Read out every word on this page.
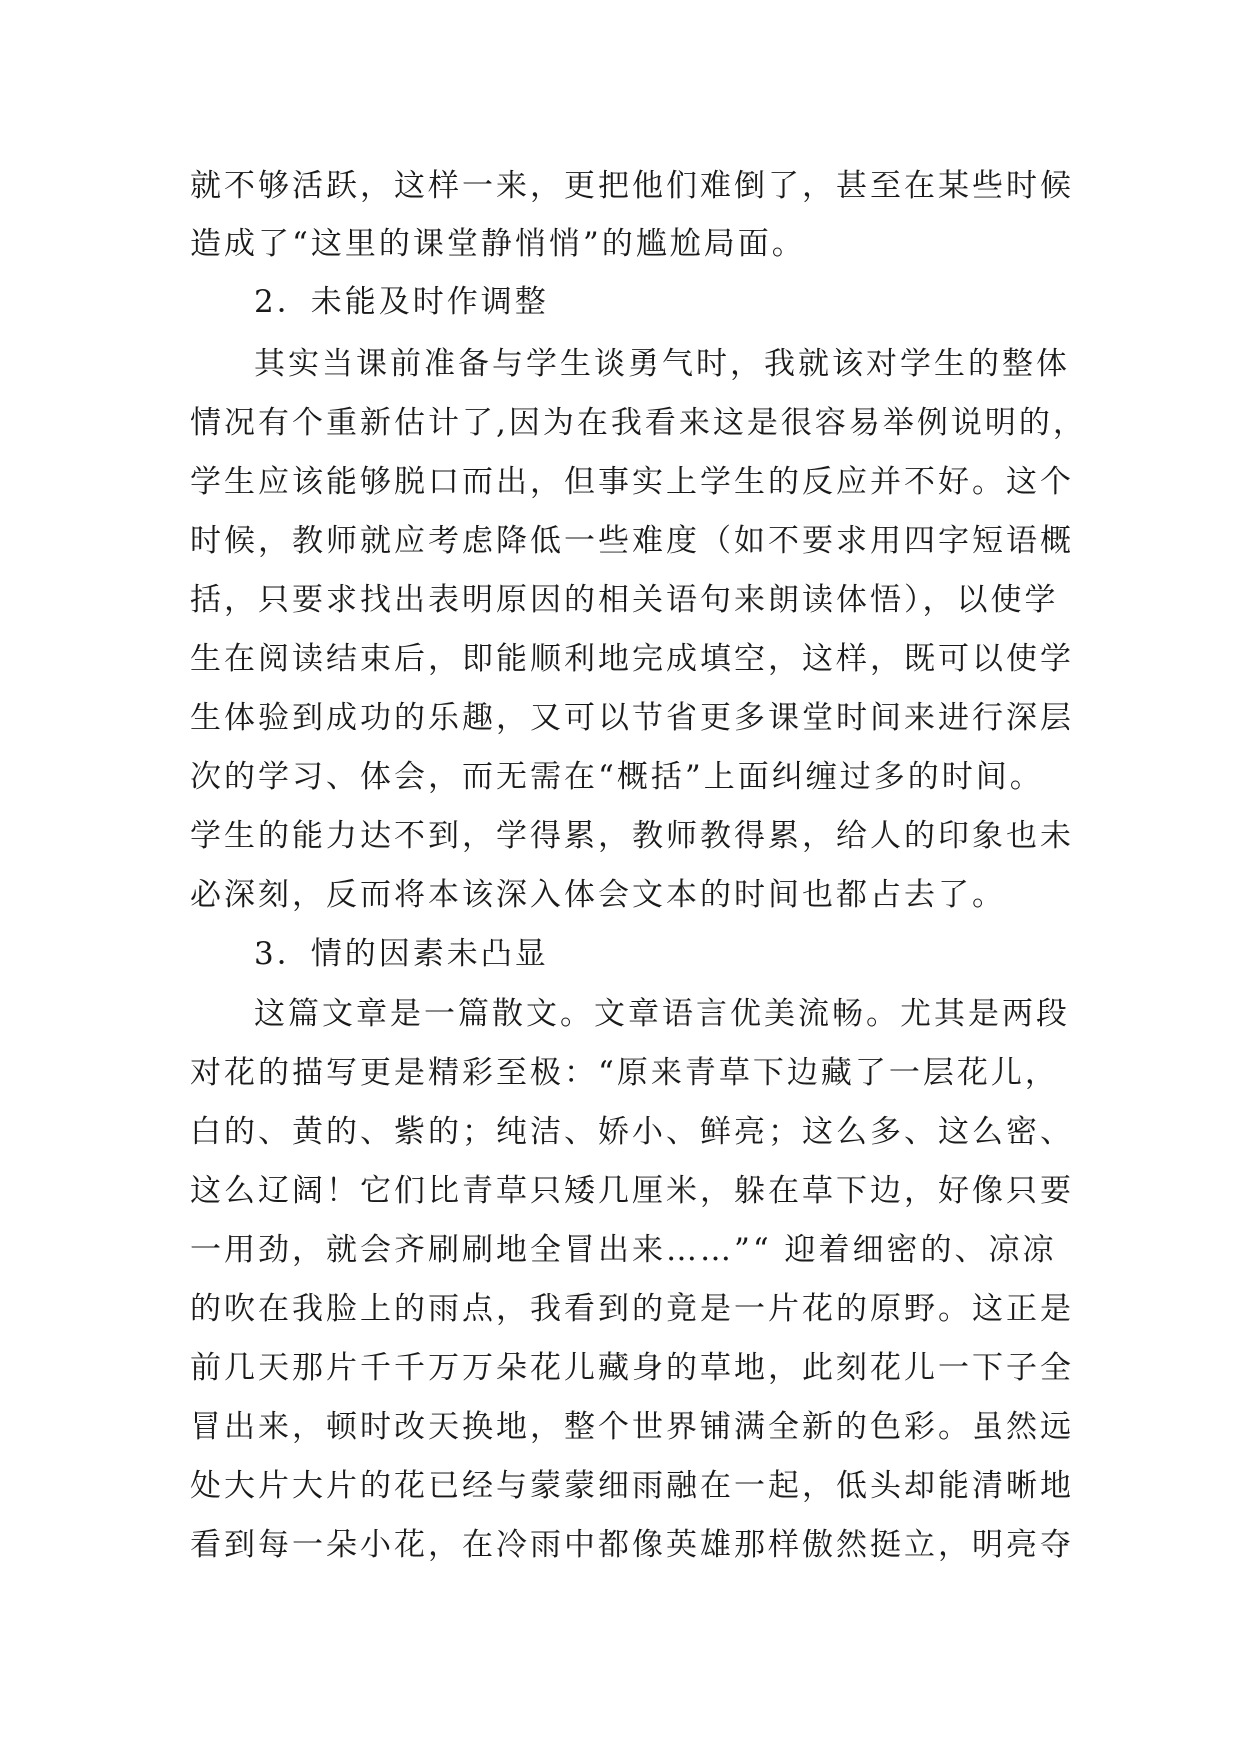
就不够活跃，这样一来，更把他们难倒了，甚至在某些时候
造成了“这里的课堂静悄悄”的尴尬局面。
2．未能及时作调整
其实当课前准备与学生谈勇气时，我就该对学生的整体
情况有个重新估计了,因为在我看来这是很容易举例说明的，
学生应该能够脱口而出，但事实上学生的反应并不好。这个
时候，教师就应考虑降低一些难度（如不要求用四字短语概
括，只要求找出表明原因的相关语句来朗读体悟），以使学
生在阅读结束后，即能顺利地完成填空，这样，既可以使学
生体验到成功的乐趣，又可以节省更多课堂时间来进行深层
次的学习、体会，而无需在“概括”上面纠缠过多的时间。
学生的能力达不到，学得累，教师教得累，给人的印象也未
必深刻，反而将本该深入体会文本的时间也都占去了。
3．情的因素未凸显
这篇文章是一篇散文。文章语言优美流畅。尤其是两段
对花的描写更是精彩至极：“原来青草下边藏了一层花儿，
白的、黄的、紫的；纯洁、娇小、鲜亮；这么多、这么密、
这么辽阔！它们比青草只矮几厘米，躲在草下边，好像只要
一用劲，就会齐刷刷地全冒出来……”“ 迎着细密的、凉凉
的吹在我脸上的雨点，我看到的竟是一片花的原野。这正是
前几天那片千千万万朵花儿藏身的草地，此刻花儿一下子全
冒出来，顿时改天换地，整个世界铺满全新的色彩。虽然远
处大片大片的花已经与蒙蒙细雨融在一起，低头却能清晰地
看到每一朵小花，在冷雨中都像英雄那样傲然挺立，明亮夺
